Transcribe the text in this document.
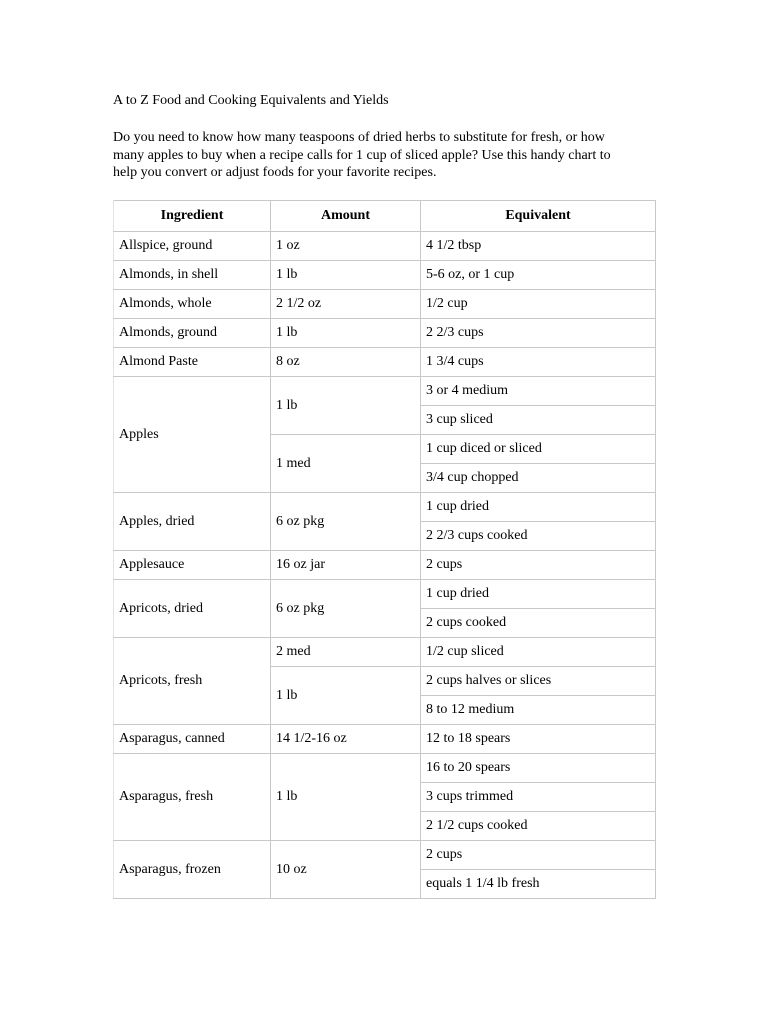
A to Z Food and Cooking Equivalents and Yields
Do you need to know how many teaspoons of dried herbs to substitute for fresh, or how
many apples to buy when a recipe calls for 1 cup of sliced apple? Use this handy chart to
help you convert or adjust foods for your favorite recipes.
Ingredient	Amount	Equivalent
Allspice, ground	1 oz	4 1/2 tbsp
Almonds, in shell	1 lb	5-6 oz, or 1 cup
Almonds, whole	2 1/2 oz	1/2 cup
Almonds, ground	1 lb	2 2/3 cups
Almond Paste	8 oz	1 3/4 cups
Apples	1 lb	3 or 4 medium
		3 cup sliced
	1 med	1 cup diced or sliced
		3/4 cup chopped
Apples, dried	6 oz pkg	1 cup dried
		2 2/3 cups cooked
Applesauce	16 oz jar	2 cups
Apricots, dried	6 oz pkg	1 cup dried
		2 cups cooked
Apricots, fresh	2 med	1/2 cup sliced
	1 lb	2 cups halves or slices
		8 to 12 medium
Asparagus, canned	14 1/2-16 oz	12 to 18 spears
Asparagus, fresh	1 lb	16 to 20 spears
		3 cups trimmed
		2 1/2 cups cooked
Asparagus, frozen	10 oz	2 cups
		equals 1 1/4 lb fresh
